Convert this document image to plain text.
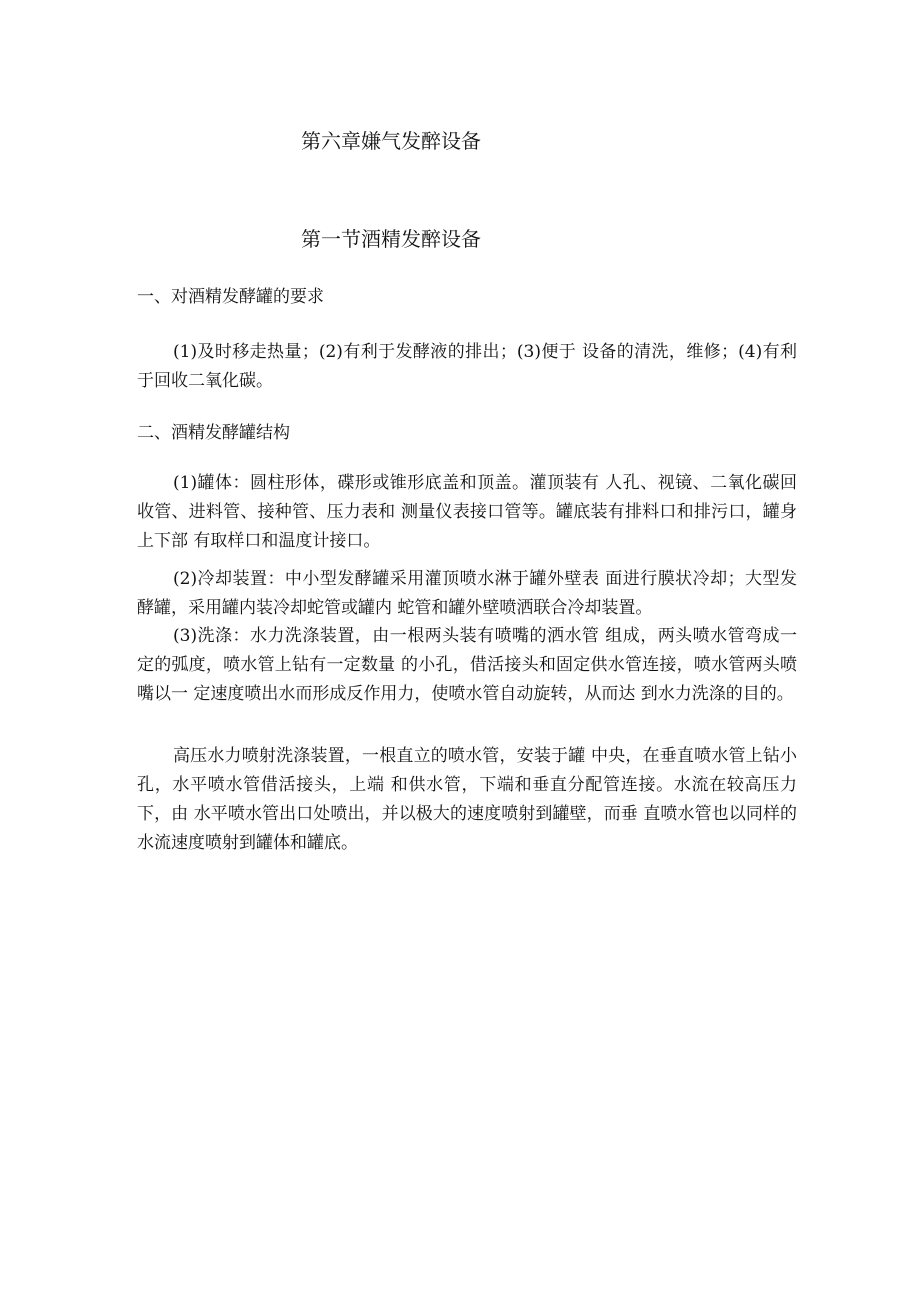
第六章嫌气发醉设备
第一节酒精发醉设备
一、对酒精发酵罐的要求

(1)及时移走热量；(2)有利于发酵液的排出；(3)便于 设备的清洗，维修；(4)有利于回收二氧化碳。

二、酒精发酵罐结构

(1)罐体：圆柱形体，碟形或锥形底盖和顶盖。灌顶装有 人孔、视镜、二氧化碳回收管、进料管、接种管、压力表和 测量仪表接口管等。罐底装有排料口和排污口，罐身上下部 有取样口和温度计接口。

(2)冷却装置：中小型发酵罐采用灌顶喷水淋于罐外壁表 面进行膜状冷却；大型发酵罐，采用罐内装冷却蛇管或罐内 蛇管和罐外壁喷洒联合冷却装置。

(3)洗涤：水力洗涤装置，由一根两头装有喷嘴的洒水管 组成，两头喷水管弯成一定的弧度，喷水管上钻有一定数量 的小孔，借活接头和固定供水管连接，喷水管两头喷嘴以一 定速度喷出水而形成反作用力，使喷水管自动旋转，从而达 到水力洗涤的目的。

高压水力喷射洗涤装置，一根直立的喷水管，安装于罐 中央，在垂直喷水管上钻小孔，水平喷水管借活接头，上端 和供水管，下端和垂直分配管连接。水流在较高压力下，由 水平喷水管出口处喷出，并以极大的速度喷射到罐壁，而垂 直喷水管也以同样的水流速度喷射到罐体和罐底。
